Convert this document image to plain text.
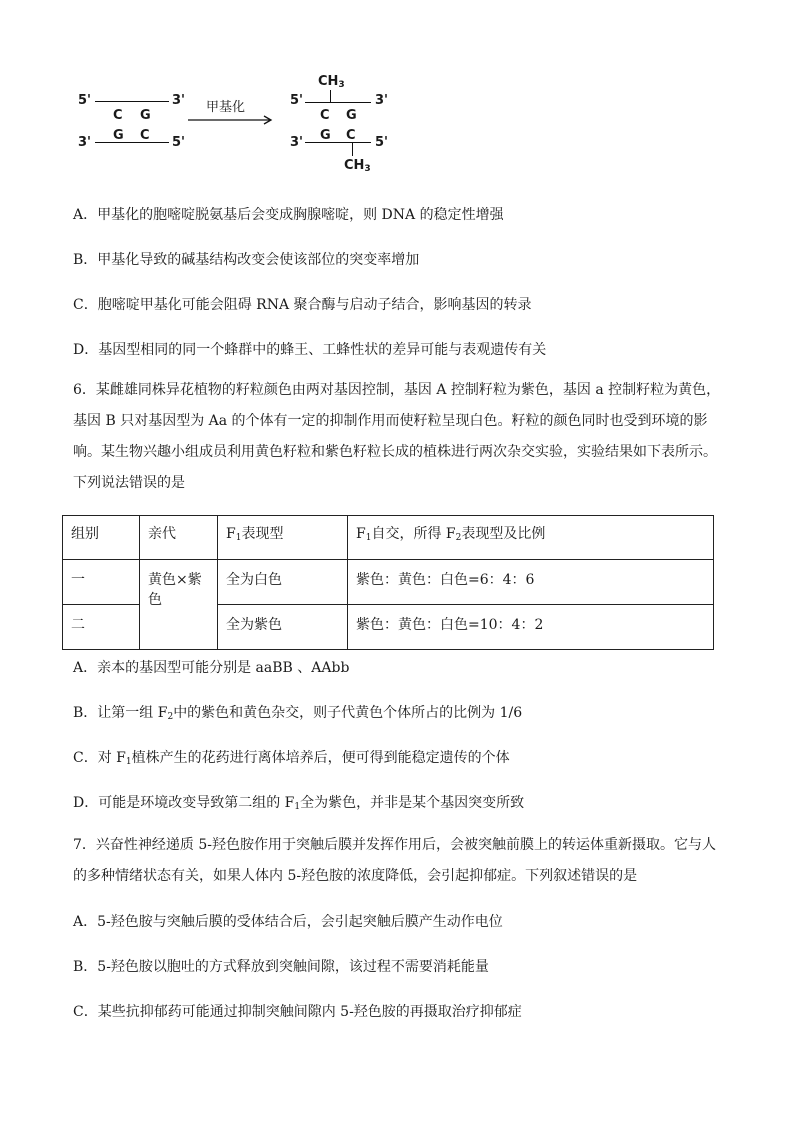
5'	3'
C G
G C
3'	5'
甲基化
$CH_3$
5'	3'
C G
G C
3'	5'
$CH_3$
A．甲基化的胞嘧啶脱氨基后会变成胸腺嘧啶，则 DNA 的稳定性增强
B．甲基化导致的碱基结构改变会使该部位的突变率增加
C．胞嘧啶甲基化可能会阻碍 RNA 聚合酶与启动子结合，影响基因的转录
D．基因型相同的同一个蜂群中的蜂王、工蜂性状的差异可能与表观遗传有关
6．某雌雄同株异花植物的籽粒颜色由两对基因控制，基因 A 控制籽粒为紫色，基因 a 控制籽粒为黄色，基因 B 只对基因型为 Aa 的个体有一定的抑制作用而使籽粒呈现白色。籽粒的颜色同时也受到环境的影响。某生物兴趣小组成员利用黄色籽粒和紫色籽粒长成的植株进行两次杂交实验，实验结果如下表所示。下列说法错误的是
组别	亲代	$F_1$表现型	$F_1$自交，所得 $F_2$表现型及比例
一	黄色×紫色	全为白色	紫色：黄色：白色=6：4：6
二		全为紫色	紫色：黄色：白色=10：4：2
A．亲本的基因型可能分别是 aaBB 、AAbb
B．让第一组 $F_2$中的紫色和黄色杂交，则子代黄色个体所占的比例为 1/6
C．对 $F_1$植株产生的花药进行离体培养后，便可得到能稳定遗传的个体
D．可能是环境改变导致第二组的 $F_1$全为紫色，并非是某个基因突变所致
7．兴奋性神经递质 5-羟色胺作用于突触后膜并发挥作用后，会被突触前膜上的转运体重新摄取。它与人的多种情绪状态有关，如果人体内 5-羟色胺的浓度降低，会引起抑郁症。下列叙述错误的是
A．5-羟色胺与突触后膜的受体结合后，会引起突触后膜产生动作电位
B．5-羟色胺以胞吐的方式释放到突触间隙，该过程不需要消耗能量
C．某些抗抑郁药可能通过抑制突触间隙内 5-羟色胺的再摄取治疗抑郁症
